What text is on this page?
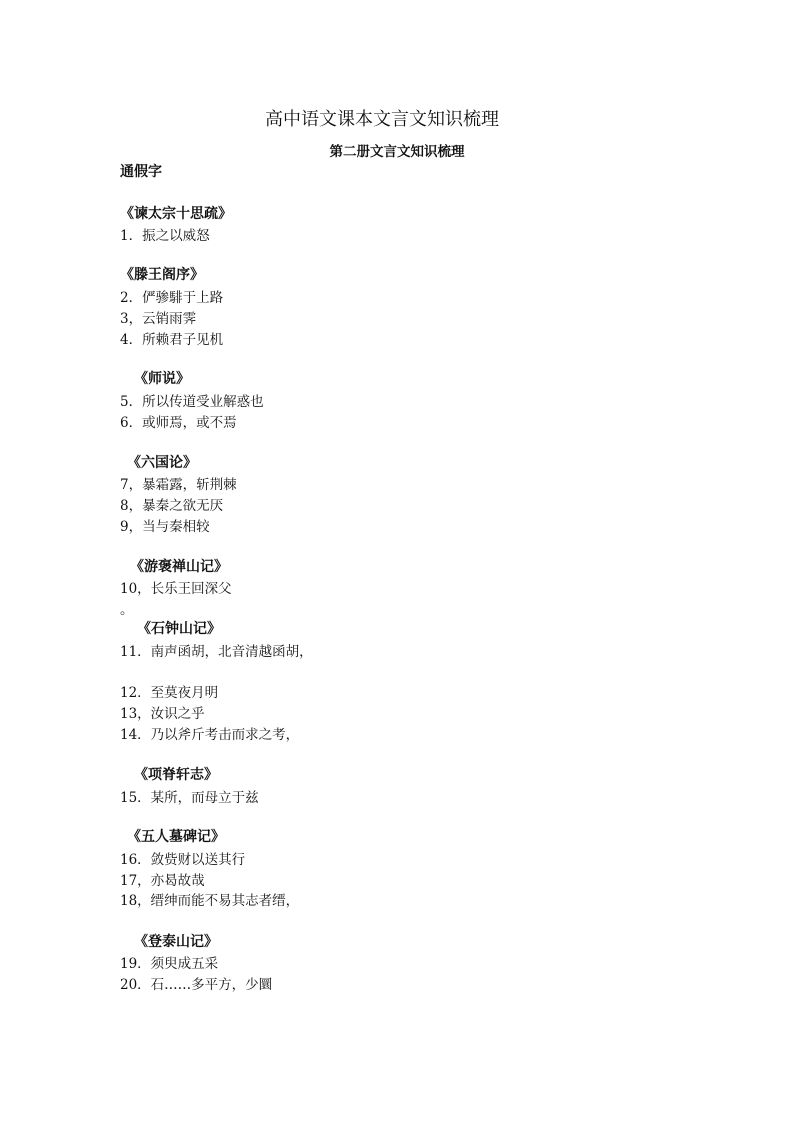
高中语文课本文言文知识梳理
第二册文言文知识梳理
通假字
《谏太宗十思疏》
1．振之以威怒
《滕王阁序》
2．俨骖騑于上路
3，云销雨霁
4．所赖君子见机
《师说》
5．所以传道受业解惑也
6．或师焉，或不焉
《六国论》
7，暴霜露，斩荆棘
8，暴秦之欲无厌
9，当与秦相较
《游褒禅山记》
10，长乐王回深父
。
《石钟山记》
11．南声函胡，北音清越函胡，
12．至莫夜月明
13，汝识之乎
14．乃以斧斤考击而求之考，
《项脊轩志》
15．某所，而母立于兹
《五人墓碑记》
16．敛赀财以送其行
17，亦曷故哉
18，缙绅而能不易其志者缙，
《登泰山记》
19．须臾成五采
20．石……多平方，少圜
